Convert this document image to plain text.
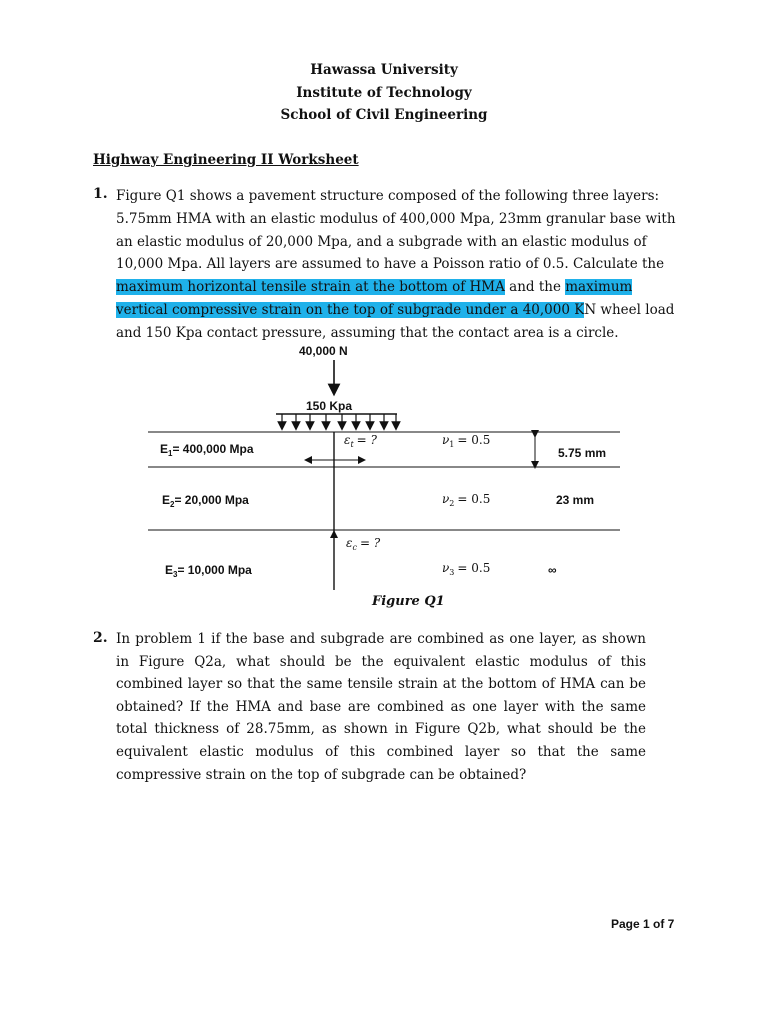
Hawassa University
Institute of Technology
School of Civil Engineering
Highway Engineering II Worksheet
1. Figure Q1 shows a pavement structure composed of the following three layers:
5.75mm HMA with an elastic modulus of 400,000 Mpa, 23mm granular base with
an elastic modulus of 20,000 Mpa, and a subgrade with an elastic modulus of
10,000 Mpa. All layers are assumed to have a Poisson ratio of 0.5. Calculate the
maximum horizontal tensile strain at the bottom of HMA and the maximum
vertical compressive strain on the top of subgrade under a 40,000 KN wheel load
and 150 Kpa contact pressure, assuming that the contact area is a circle.
40,000 N
150 Kpa
$\varepsilon_t$ = ?
$\varepsilon_c$ = ?
$E_1= 400,000$ Mpa
$E_2= 20,000$ Mpa
$E_3= 10,000$ Mpa
$\nu_1 = 0.5$
$\nu_2 = 0.5$
$\nu_3 = 0.5$
5.75 mm
23 mm
∞
Figure Q1
2. In problem 1 if the base and subgrade are combined as one layer, as shown in Figure Q2a, what should be the equivalent elastic modulus of this combined layer so that the same tensile strain at the bottom of HMA can be obtained? If the HMA and base are combined as one layer with the same total thickness of 28.75mm, as shown in Figure Q2b, what should be the equivalent elastic modulus of this combined layer so that the same compressive strain on the top of subgrade can be obtained?
Page 1 of 7
